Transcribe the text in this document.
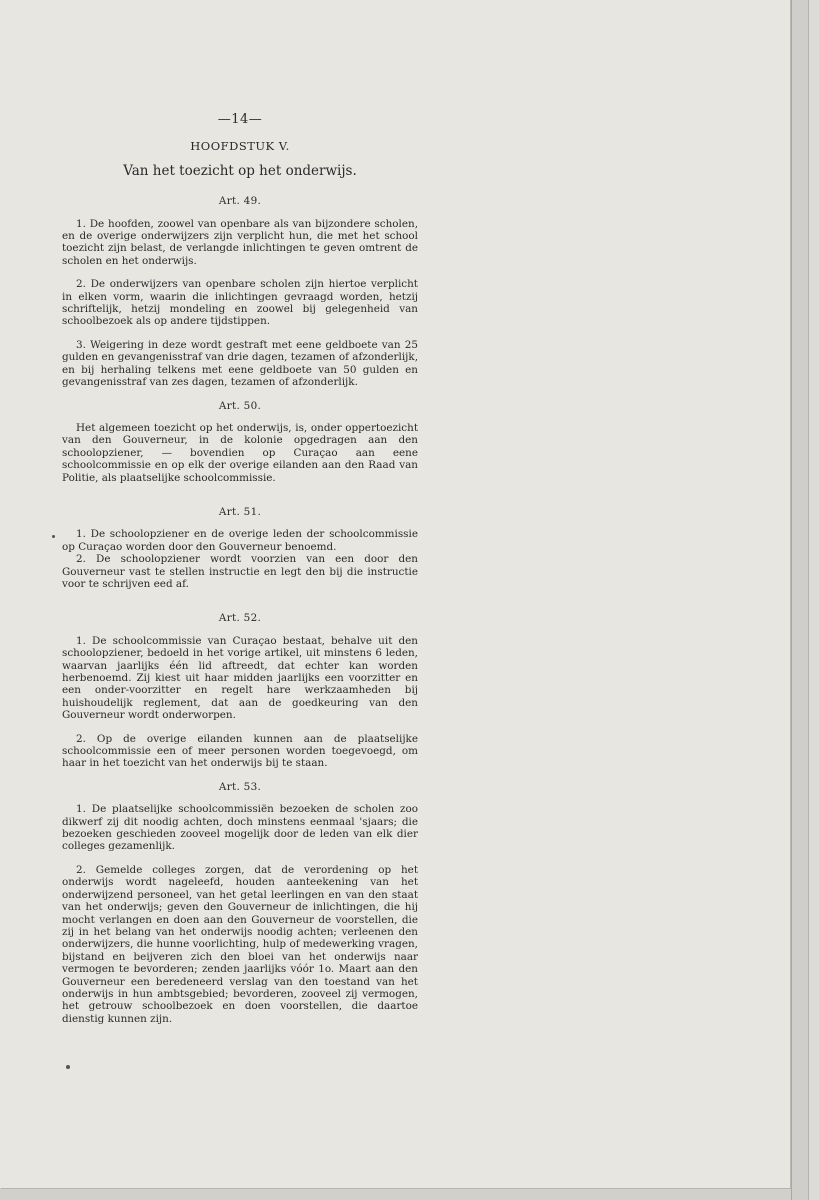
—14—
HOOFDSTUK V.
Van het toezicht op het onderwijs.
Art. 49.

1. De hoofden, zoowel van openbare als van bijzondere scholen, en de overige onderwijzers zijn verplicht hun, die met het school toezicht zijn belast, de verlangde inlichtingen te geven omtrent de scholen en het onderwijs.

2. De onderwijzers van openbare scholen zijn hiertoe verplicht in elken vorm, waarin die inlichtingen gevraagd worden, hetzij schriftelijk, hetzij mondeling en zoowel bij gelegenheid van schoolbezoek als op andere tijdstippen.

3. Weigering in deze wordt gestraft met eene geldboete van 25 gulden en gevangenisstraf van drie dagen, tezamen of afzonderlijk, en bij herhaling telkens met eene geldboete van 50 gulden en gevangenisstraf van zes dagen, tezamen of afzonderlijk.

Art. 50.

Het algemeen toezicht op het onderwijs, is, onder oppertoezicht van den Gouverneur, in de kolonie opgedragen aan den schoolopziener, — bovendien op Curaçao aan eene schoolcommissie en op elk der overige eilanden aan den Raad van Politie, als plaatselijke schoolcommissie.

Art. 51.

1. De schoolopziener en de overige leden der schoolcommissie op Curaçao worden door den Gouverneur benoemd.

2. De schoolopziener wordt voorzien van een door den Gouverneur vast te stellen instructie en legt den bij die instructie voor te schrijven eed af.

Art. 52.

1. De schoolcommissie van Curaçao bestaat, behalve uit den schoolopziener, bedoeld in het vorige artikel, uit minstens 6 leden, waarvan jaarlijks één lid aftreedt, dat echter kan worden herbenoemd. Zij kiest uit haar midden jaarlijks een voorzitter en een onder-voorzitter en regelt hare werkzaamheden bij huishoudelijk reglement, dat aan de goedkeuring van den Gouverneur wordt onderworpen.

2. Op de overige eilanden kunnen aan de plaatselijke schoolcommissie een of meer personen worden toegevoegd, om haar in het toezicht van het onderwijs bij te staan.

Art. 53.

1. De plaatselijke schoolcommissiën bezoeken de scholen zoo dikwerf zij dit noodig achten, doch minstens eenmaal 'sjaars; die bezoeken geschieden zooveel mogelijk door de leden van elk dier colleges gezamenlijk.

2. Gemelde colleges zorgen, dat de verordening op het onderwijs wordt nageleefd, houden aanteekening van het onderwijzend personeel, van het getal leerlingen en van den staat van het onderwijs; geven den Gouverneur de inlichtingen, die hij mocht verlangen en doen aan den Gouverneur de voorstellen, die zij in het belang van het onderwijs noodig achten; verleenen den onderwijzers, die hunne voorlichting, hulp of medewerking vragen, bijstand en beijveren zich den bloei van het onderwijs naar vermogen te bevorderen; zenden jaarlijks vóór 1o. Maart aan den Gouverneur een beredeneerd verslag van den toestand van het onderwijs in hun ambtsgebied; bevorderen, zooveel zij vermogen, het getrouw schoolbezoek en doen voorstellen, die daartoe dienstig kunnen zijn.
